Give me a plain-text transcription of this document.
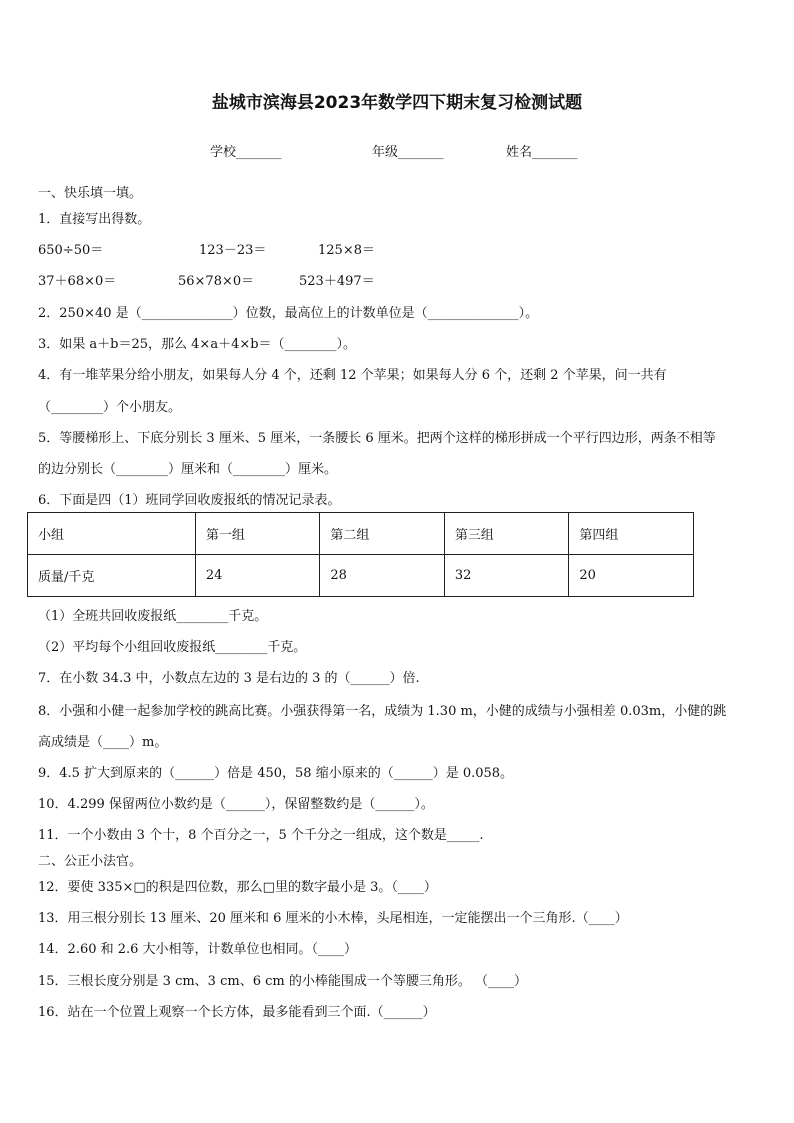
盐城市滨海县2023年数学四下期末复习检测试题
学校_______	年级_______	姓名_______
一、快乐填一填。
1．直接写出得数。
650÷50＝	123－23＝	125×8＝
37＋68×0＝	56×78×0＝	523＋497＝
2．250×40 是（______________）位数，最高位上的计数单位是（______________）。
3．如果 a＋b＝25，那么 4×a＋4×b＝（________）。
4．有一堆苹果分给小朋友，如果每人分 4 个，还剩 12 个苹果；如果每人分 6 个，还剩 2 个苹果，问一共有
（________）个小朋友。
5．等腰梯形上、下底分别长 3 厘米、5 厘米，一条腰长 6 厘米。把两个这样的梯形拼成一个平行四边形，两条不相等
的边分别长（________）厘米和（________）厘米。
6．下面是四（1）班同学回收废报纸的情况记录表。
小组	第一组	第二组	第三组	第四组
质量/千克	24	28	32	20
（1）全班共回收废报纸________千克。
（2）平均每个小组回收废报纸________千克。
7．在小数 34.3 中，小数点左边的 3 是右边的 3 的（______）倍.
8．小强和小健一起参加学校的跳高比赛。小强获得第一名，成绩为 1.30 m，小健的成绩与小强相差 0.03m，小健的跳
高成绩是（____）m。
9．4.5 扩大到原来的（______）倍是 450，58 缩小原来的（______）是 0.058。
10．4.299 保留两位小数约是（______），保留整数约是（______）。
11．一个小数由 3 个十，8 个百分之一，5 个千分之一组成，这个数是_____.
二、公正小法官。
12．要使 335×□的积是四位数，那么□里的数字最小是 3。（____）
13．用三根分别长 13 厘米、20 厘米和 6 厘米的小木棒，头尾相连，一定能摆出一个三角形.（____）
14．2.60 和 2.6 大小相等，计数单位也相同。（____）
15．三根长度分别是 3 cm、3 cm、6 cm 的小棒能围成一个等腰三角形。 （____）
16．站在一个位置上观察一个长方体，最多能看到三个面.（______）
